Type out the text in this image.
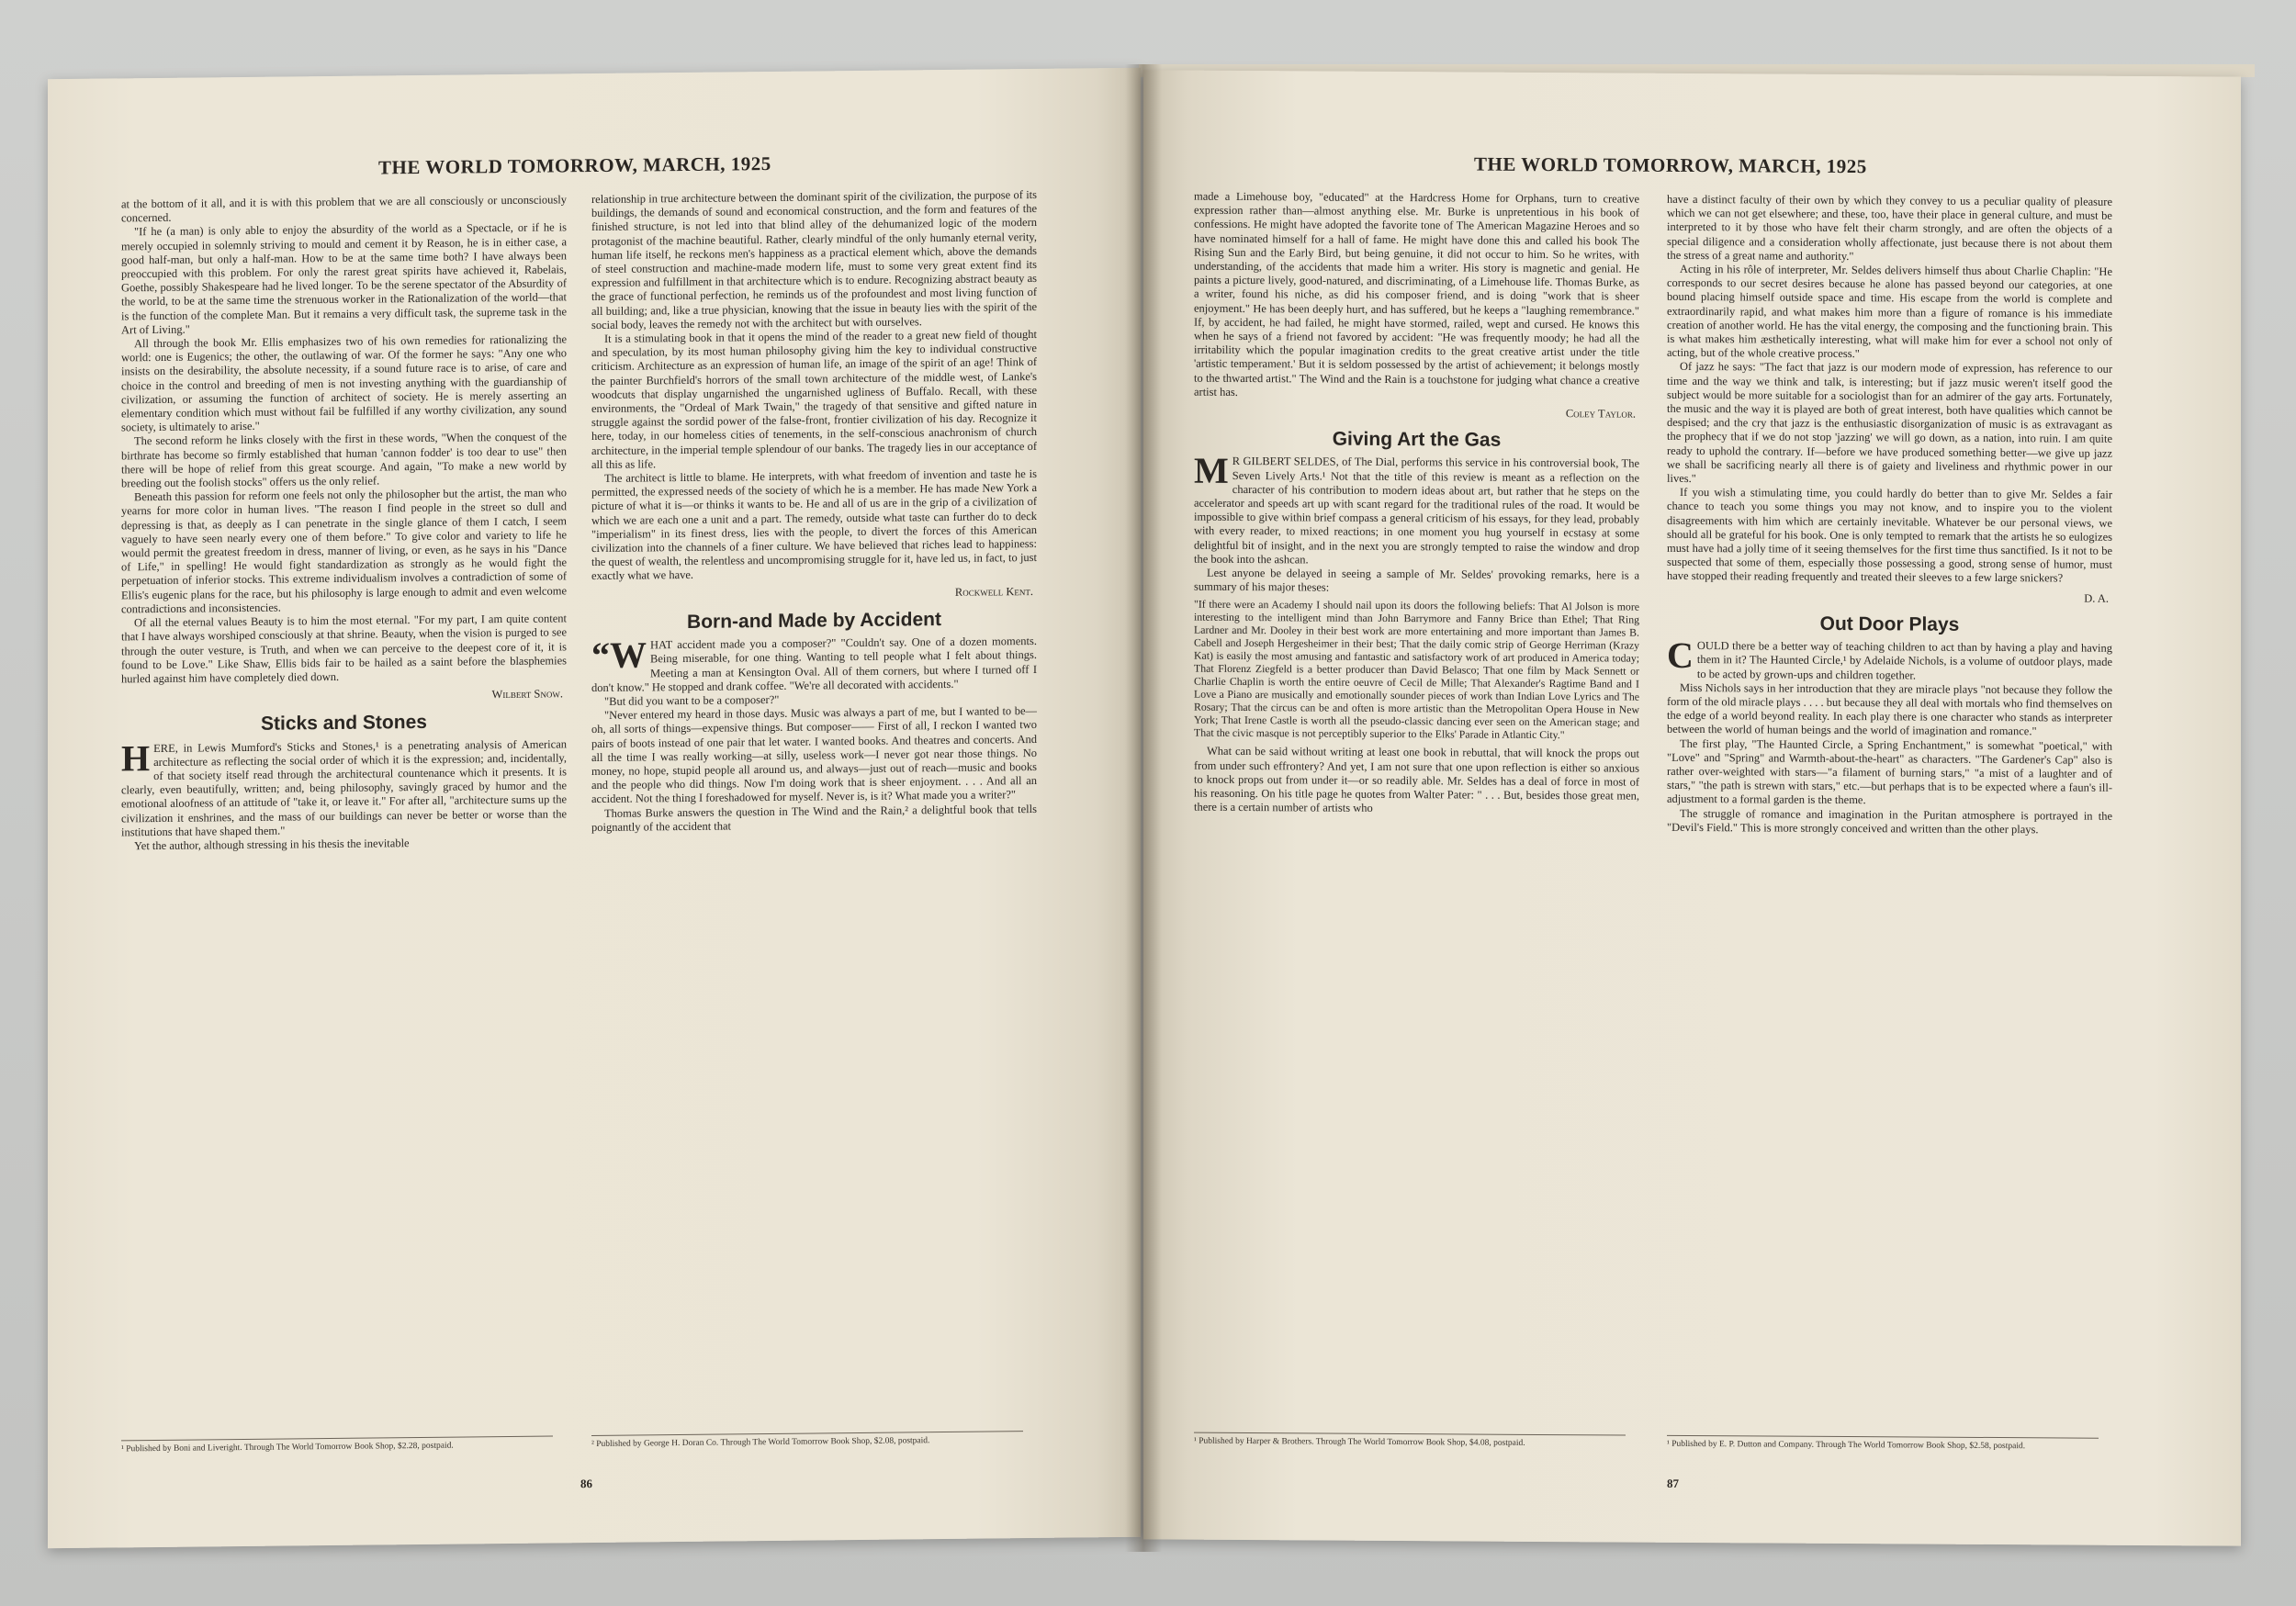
THE WORLD TOMORROW, MARCH, 1925

at the bottom of it all, and it is with this problem that we are all consciously or unconsciously concerned.

"If he (a man) is only able to enjoy the absurdity of the world as a Spectacle, or if he is merely occupied in solemnly striving to mould and cement it by Reason, he is in either case, a good half-man, but only a half-man. How to be at the same time both? I have always been preoccupied with this problem. For only the rarest great spirits have achieved it, Rabelais, Goethe, possibly Shakespeare had he lived longer. To be the serene spectator of the Absurdity of the world, to be at the same time the strenuous worker in the Rationalization of the world—that is the function of the complete Man. But it remains a very difficult task, the supreme task in the Art of Living."

All through the book Mr. Ellis emphasizes two of his own remedies for rationalizing the world: one is Eugenics; the other, the outlawing of war. Of the former he says: "Any one who insists on the desirability, the absolute necessity, if a sound future race is to arise, of care and choice in the control and breeding of men is not investing anything with the guardianship of civilization, or assuming the function of architect of society. He is merely asserting an elementary condition which must without fail be fulfilled if any worthy civilization, any sound society, is ultimately to arise."

The second reform he links closely with the first in these words, "When the conquest of the birthrate has become so firmly established that human 'cannon fodder' is too dear to use" then there will be hope of relief from this great scourge. And again, "To make a new world by breeding out the foolish stocks" offers us the only relief.

Beneath this passion for reform one feels not only the philosopher but the artist, the man who yearns for more color in human lives. "The reason I find people in the street so dull and depressing is that, as deeply as I can penetrate in the single glance of them I catch, I seem vaguely to have seen nearly every one of them before." To give color and variety to life he would permit the greatest freedom in dress, manner of living, or even, as he says in his "Dance of Life," in spelling! He would fight standardization as strongly as he would fight the perpetuation of inferior stocks. This extreme individualism involves a contradiction of some of Ellis's eugenic plans for the race, but his philosophy is large enough to admit and even welcome contradictions and inconsistencies.

Of all the eternal values Beauty is to him the most eternal. "For my part, I am quite content that I have always worshiped consciously at that shrine. Beauty, when the vision is purged to see through the outer vesture, is Truth, and when we can perceive to the deepest core of it, it is found to be Love." Like Shaw, Ellis bids fair to be hailed as a saint before the blasphemies hurled against him have completely died down.

Wilbert Snow.
Sticks and Stones

HERE, in Lewis Mumford's Sticks and Stones,¹ is a penetrating analysis of American architecture as reflecting the social order of which it is the expression; and, incidentally, of that society itself read through the architectural countenance which it presents. It is clearly, even beautifully, written; and, being philosophy, savingly graced by humor and the emotional aloofness of an attitude of "take it, or leave it." For after all, "architecture sums up the civilization it enshrines, and the mass of our buildings can never be better or worse than the institutions that have shaped them."

Yet the author, although stressing in his thesis the inevitable

relationship in true architecture between the dominant spirit of the civilization, the purpose of its buildings, the demands of sound and economical construction, and the form and features of the finished structure, is not led into that blind alley of the dehumanized logic of the modern protagonist of the machine beautiful. Rather, clearly mindful of the only humanly eternal verity, human life itself, he reckons men's happiness as a practical element which, above the demands of steel construction and machine-made modern life, must to some very great extent find its expression and fulfillment in that architecture which is to endure. Recognizing abstract beauty as the grace of functional perfection, he reminds us of the profoundest and most living function of all building; and, like a true physician, knowing that the issue in beauty lies with the spirit of the social body, leaves the remedy not with the architect but with ourselves.

It is a stimulating book in that it opens the mind of the reader to a great new field of thought and speculation, by its most human philosophy giving him the key to individual constructive criticism. Architecture as an expression of human life, an image of the spirit of an age! Think of the painter Burchfield's horrors of the small town architecture of the middle west, of Lanke's woodcuts that display ungarnished the ungarnished ugliness of Buffalo. Recall, with these environments, the "Ordeal of Mark Twain," the tragedy of that sensitive and gifted nature in struggle against the sordid power of the false-front, frontier civilization of his day. Recognize it here, today, in our homeless cities of tenements, in the self-conscious anachronism of church architecture, in the imperial temple splendour of our banks. The tragedy lies in our acceptance of all this as life.

The architect is little to blame. He interprets, with what freedom of invention and taste he is permitted, the expressed needs of the society of which he is a member. He has made New York a picture of what it is—or thinks it wants to be. He and all of us are in the grip of a civilization of which we are each one a unit and a part. The remedy, outside what taste can further do to deck "imperialism" in its finest dress, lies with the people, to divert the forces of this American civilization into the channels of a finer culture. We have believed that riches lead to happiness: the quest of wealth, the relentless and uncompromising struggle for it, have led us, in fact, to just exactly what we have.

Rockwell Kent.
Born-and Made by Accident

“WHAT accident made you a composer?" "Couldn't say. One of a dozen moments. Being miserable, for one thing. Wanting to tell people what I felt about things. Meeting a man at Kensington Oval. All of them corners, but where I turned off I don't know." He stopped and drank coffee. "We're all decorated with accidents."

"But did you want to be a composer?"

"Never entered my heard in those days. Music was always a part of me, but I wanted to be—oh, all sorts of things—expensive things. But composer—— First of all, I reckon I wanted two pairs of boots instead of one pair that let water. I wanted books. And theatres and concerts. And all the time I was really working—at silly, useless work—I never got near those things. No money, no hope, stupid people all around us, and always—just out of reach—music and books and the people who did things. Now I'm doing work that is sheer enjoyment. . . . And all an accident. Not the thing I foreshadowed for myself. Never is, is it? What made you a writer?"

Thomas Burke answers the question in The Wind and the Rain,² a delightful book that tells poignantly of the accident that

¹ Published by Boni and Liveright. Through The World Tomorrow Book Shop, $2.28, postpaid.	² Published by George H. Doran Co. Through The World Tomorrow Book Shop, $2.08, postpaid.
86
THE WORLD TOMORROW, MARCH, 1925

made a Limehouse boy, "educated" at the Hardcress Home for Orphans, turn to creative expression rather than—almost anything else. Mr. Burke is unpretentious in his book of confessions. He might have adopted the favorite tone of The American Magazine Heroes and so have nominated himself for a hall of fame. He might have done this and called his book The Rising Sun and the Early Bird, but being genuine, it did not occur to him. So he writes, with understanding, of the accidents that made him a writer. His story is magnetic and genial. He paints a picture lively, good-natured, and discriminating, of a Limehouse life. Thomas Burke, as a writer, found his niche, as did his composer friend, and is doing "work that is sheer enjoyment." He has been deeply hurt, and has suffered, but he keeps a "laughing remembrance." If, by accident, he had failed, he might have stormed, railed, wept and cursed. He knows this when he says of a friend not favored by accident: "He was frequently moody; he had all the irritability which the popular imagination credits to the great creative artist under the title 'artistic temperament.' But it is seldom possessed by the artist of achievement; it belongs mostly to the thwarted artist." The Wind and the Rain is a touchstone for judging what chance a creative artist has.

Coley Taylor.
Giving Art the Gas

M R GILBERT SELDES, of The Dial, performs this service in his controversial book, The Seven Lively Arts.¹ Not that the title of this review is meant as a reflection on the character of his contribution to modern ideas about art, but rather that he steps on the accelerator and speeds art up with scant regard for the traditional rules of the road. It would be impossible to give within brief compass a general criticism of his essays, for they lead, probably with every reader, to mixed reactions; in one moment you hug yourself in ecstasy at some delightful bit of insight, and in the next you are strongly tempted to raise the window and drop the book into the ashcan.

Lest anyone be delayed in seeing a sample of Mr. Seldes' provoking remarks, here is a summary of his major theses:

"If there were an Academy I should nail upon its doors the following beliefs: That Al Jolson is more interesting to the intelligent mind than John Barrymore and Fanny Brice than Ethel; That Ring Lardner and Mr. Dooley in their best work are more entertaining and more important than James B. Cabell and Joseph Hergesheimer in their best; That the daily comic strip of George Herriman (Krazy Kat) is easily the most amusing and fantastic and satisfactory work of art produced in America today; That Florenz Ziegfeld is a better producer than David Belasco; That one film by Mack Sennett or Charlie Chaplin is worth the entire oeuvre of Cecil de Mille; That Alexander's Ragtime Band and I Love a Piano are musically and emotionally sounder pieces of work than Indian Love Lyrics and The Rosary; That the circus can be and often is more artistic than the Metropolitan Opera House in New York; That Irene Castle is worth all the pseudo-classic dancing ever seen on the American stage; and That the civic masque is not perceptibly superior to the Elks' Parade in Atlantic City."

What can be said without writing at least one book in rebuttal, that will knock the props out from under such effrontery? And yet, I am not sure that one upon reflection is either so anxious to knock props out from under it—or so readily able. Mr. Seldes has a deal of force in most of his reasoning. On his title page he quotes from Walter Pater: " . . . But, besides those great men, there is a certain number of artists who

have a distinct faculty of their own by which they convey to us a peculiar quality of pleasure which we can not get elsewhere; and these, too, have their place in general culture, and must be interpreted to it by those who have felt their charm strongly, and are often the objects of a special diligence and a consideration wholly affectionate, just because there is not about them the stress of a great name and authority."

Acting in his rôle of interpreter, Mr. Seldes delivers himself thus about Charlie Chaplin: "He corresponds to our secret desires because he alone has passed beyond our categories, at one bound placing himself outside space and time. His escape from the world is complete and extraordinarily rapid, and what makes him more than a figure of romance is his immediate creation of another world. He has the vital energy, the composing and the functioning brain. This is what makes him æsthetically interesting, what will make him for ever a school not only of acting, but of the whole creative process."

Of jazz he says: "The fact that jazz is our modern mode of expression, has reference to our time and the way we think and talk, is interesting; but if jazz music weren't itself good the subject would be more suitable for a sociologist than for an admirer of the gay arts. Fortunately, the music and the way it is played are both of great interest, both have qualities which cannot be despised; and the cry that jazz is the enthusiastic disorganization of music is as extravagant as the prophecy that if we do not stop 'jazzing' we will go down, as a nation, into ruin. I am quite ready to uphold the contrary. If—before we have produced something better—we give up jazz we shall be sacrificing nearly all there is of gaiety and liveliness and rhythmic power in our lives."

If you wish a stimulating time, you could hardly do better than to give Mr. Seldes a fair chance to teach you some things you may not know, and to inspire you to the violent disagreements with him which are certainly inevitable. Whatever be our personal views, we should all be grateful for his book. One is only tempted to remark that the artists he so eulogizes must have had a jolly time of it seeing themselves for the first time thus sanctified. Is it not to be suspected that some of them, especially those possessing a good, strong sense of humor, must have stopped their reading frequently and treated their sleeves to a few large snickers?

D. A.
Out Door Plays

COULD there be a better way of teaching children to act than by having a play and having them in it? The Haunted Circle,¹ by Adelaide Nichols, is a volume of outdoor plays, made to be acted by grown-ups and children together.

Miss Nichols says in her introduction that they are miracle plays "not because they follow the form of the old miracle plays . . . . but because they all deal with mortals who find themselves on the edge of a world beyond reality. In each play there is one character who stands as interpreter between the world of human beings and the world of imagination and romance."

The first play, "The Haunted Circle, a Spring Enchantment," is somewhat "poetical," with "Love" and "Spring" and Warmth-about-the-heart" as characters. "The Gardener's Cap" also is rather over-weighted with stars—"a filament of burning stars," "a mist of a laughter and of stars," "the path is strewn with stars," etc.—but perhaps that is to be expected where a faun's ill-adjustment to a formal garden is the theme.

The struggle of romance and imagination in the Puritan atmosphere is portrayed in the "Devil's Field." This is more strongly conceived and written than the other plays.

¹ Published by Harper & Brothers. Through The World Tomorrow Book Shop, $4.08, postpaid.	¹ Published by E. P. Dutton and Company. Through The World Tomorrow Book Shop, $2.58, postpaid.
87
